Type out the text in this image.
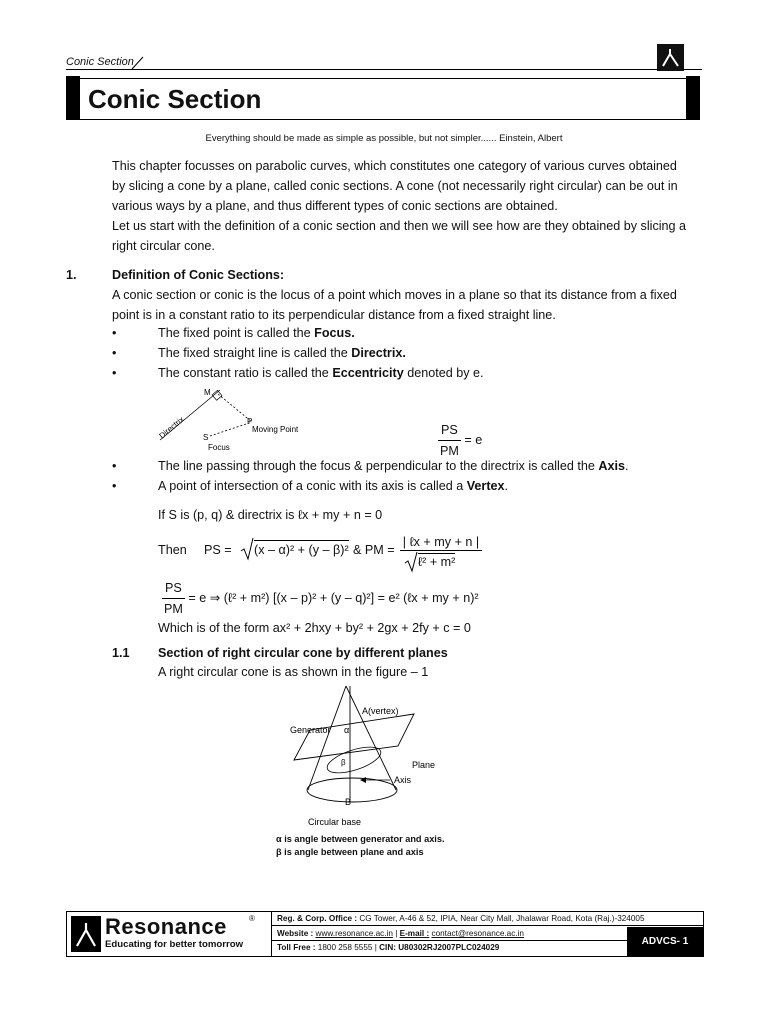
Conic Section
Conic Section
Everything should be made as simple as possible, but not simpler...... Einstein, Albert
This chapter focusses on parabolic curves, which constitutes one category of various curves obtained
by slicing a cone by a plane, called conic sections. A cone (not necessarily right circular) can be out in
various ways by a plane, and thus different types of conic sections are obtained.
Let us start with the definition of a conic section and then we will see how are they obtained by slicing a
right circular cone.
1.	Definition of Conic Sections:
A conic section or conic is the locus of a point which moves in a plane so that its distance from a fixed
point is in a constant ratio to its perpendicular distance from a fixed straight line.
•	The fixed point is called the Focus.
•	The fixed straight line is called the Directrix.
•	The constant ratio is called the Eccentricity denoted by e.
M
P
Moving Point
S
Focus
Directrix	$\frac{PS}{PM} = e$
•	The line passing through the focus & perpendicular to the directrix is called the Axis.
•	A point of intersection of a conic with its axis is called a Vertex.
If S is (p, q) & directrix is ℓx + my + n = 0
Then PS = (x – α)² + (y – β)² & PM =
| ℓx + my + n |
ℓ² + m²
$\frac{PS}{PM} = e$ ⇒ (ℓ² + m²) [(x – p)² + (y – q)²] = e² (ℓx + my + n)²
Which is of the form ax² + 2hxy + by² + 2gx + 2fy + c = 0
1.1 Section of right circular cone by different planes
A right circular cone is as shown in the figure – 1
A(vertex)
Generator α
β	Plane
Axis
B
Circular base
α is angle between generator and axis.
β is angle between plane and axis
Resonance	®
Educating for better tomorrow
Reg. & Corp. Office : CG Tower, A-46 & 52, IPIA, Near City Mall, Jhalawar Road, Kota (Raj.)-324005
Website : www.resonance.ac.in | E-mail : contact@resonance.ac.in
Toll Free : 1800 258 5555 | CIN: U80302RJ2007PLC024029
ADVCS- 1
